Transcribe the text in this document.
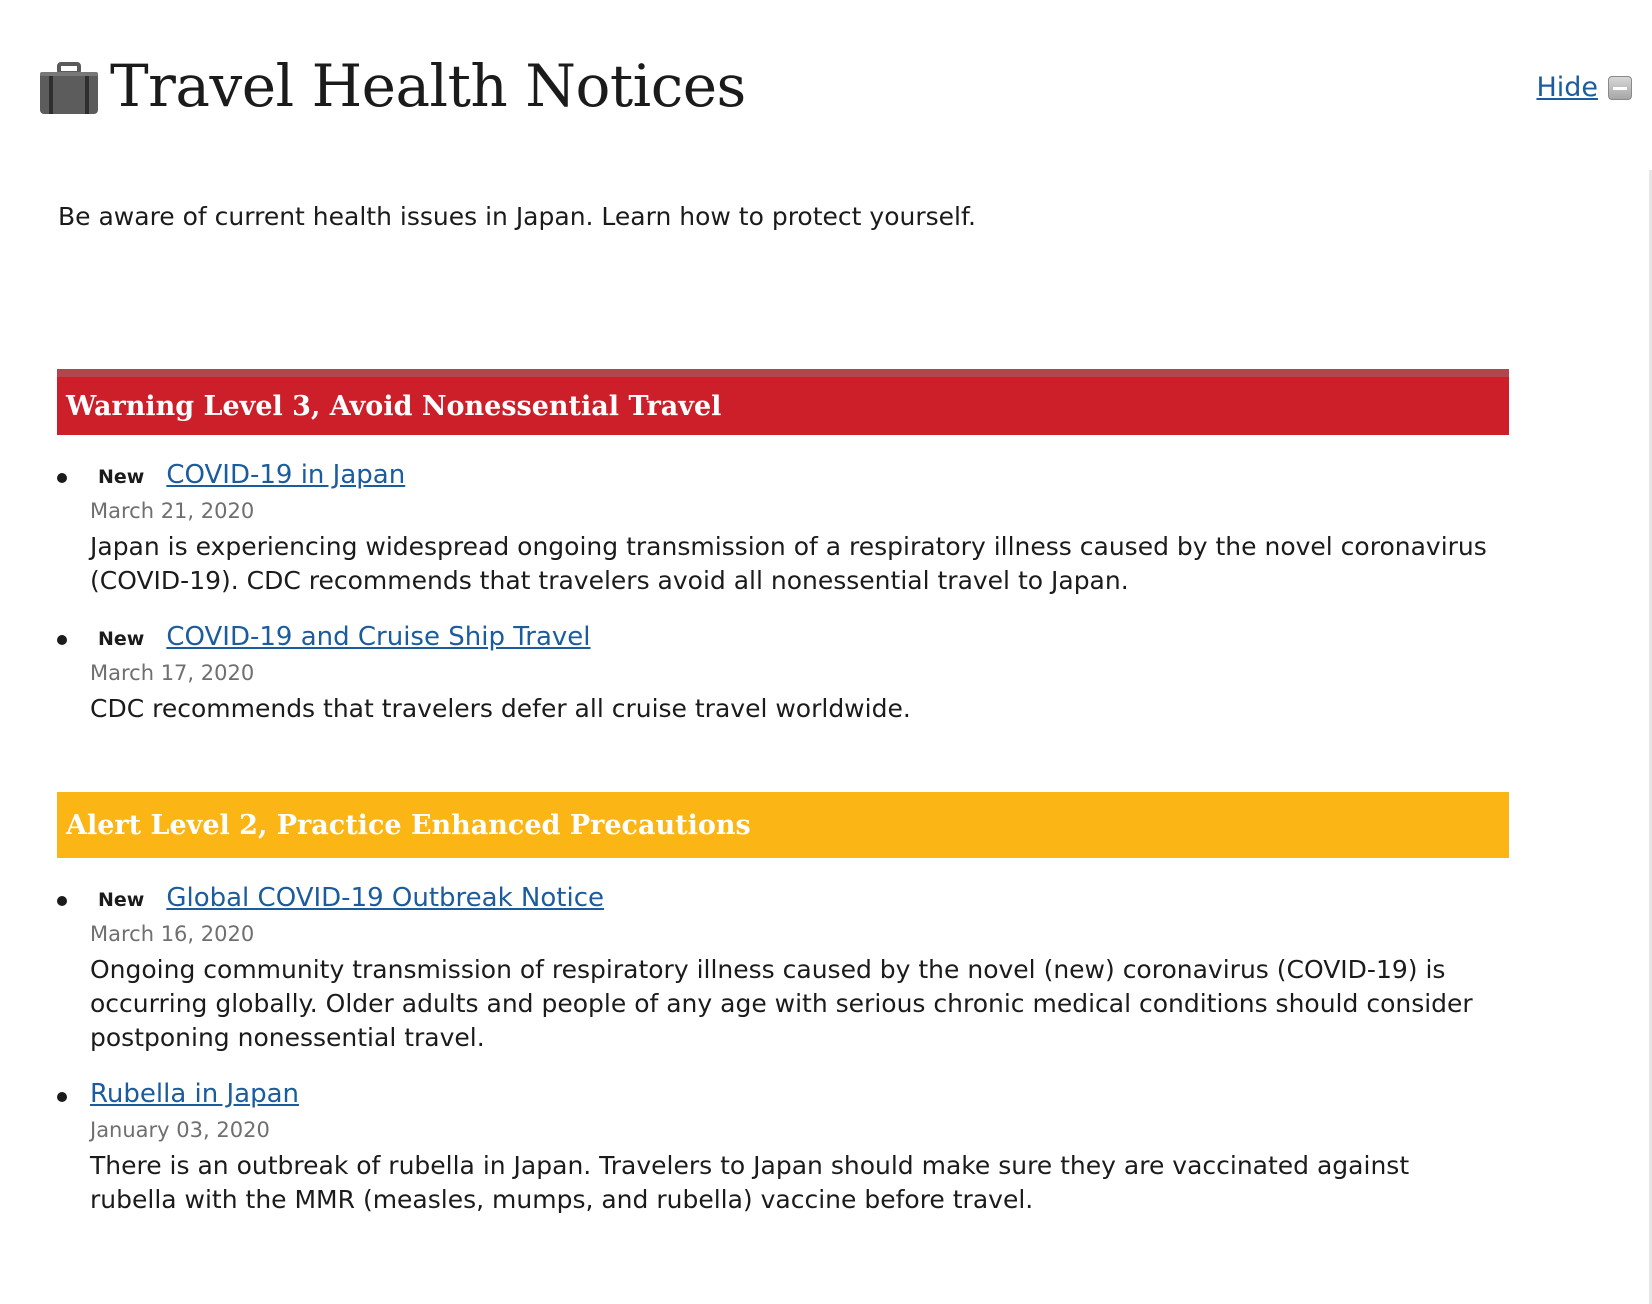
Travel Health Notices	Hide
Be aware of current health issues in Japan. Learn how to protect yourself.
Warning Level 3, Avoid Nonessential Travel
New COVID-19 in Japan
March 21, 2020
Japan is experiencing widespread ongoing transmission of a respiratory illness caused by the novel coronavirus (COVID-19). CDC recommends that travelers avoid all nonessential travel to Japan.
New COVID-19 and Cruise Ship Travel
March 17, 2020
CDC recommends that travelers defer all cruise travel worldwide.
Alert Level 2, Practice Enhanced Precautions
New Global COVID-19 Outbreak Notice
March 16, 2020
Ongoing community transmission of respiratory illness caused by the novel (new) coronavirus (COVID-19) is occurring globally. Older adults and people of any age with serious chronic medical conditions should consider postponing nonessential travel.
Rubella in Japan
January 03, 2020
There is an outbreak of rubella in Japan. Travelers to Japan should make sure they are vaccinated against rubella with the MMR (measles, mumps, and rubella) vaccine before travel.
